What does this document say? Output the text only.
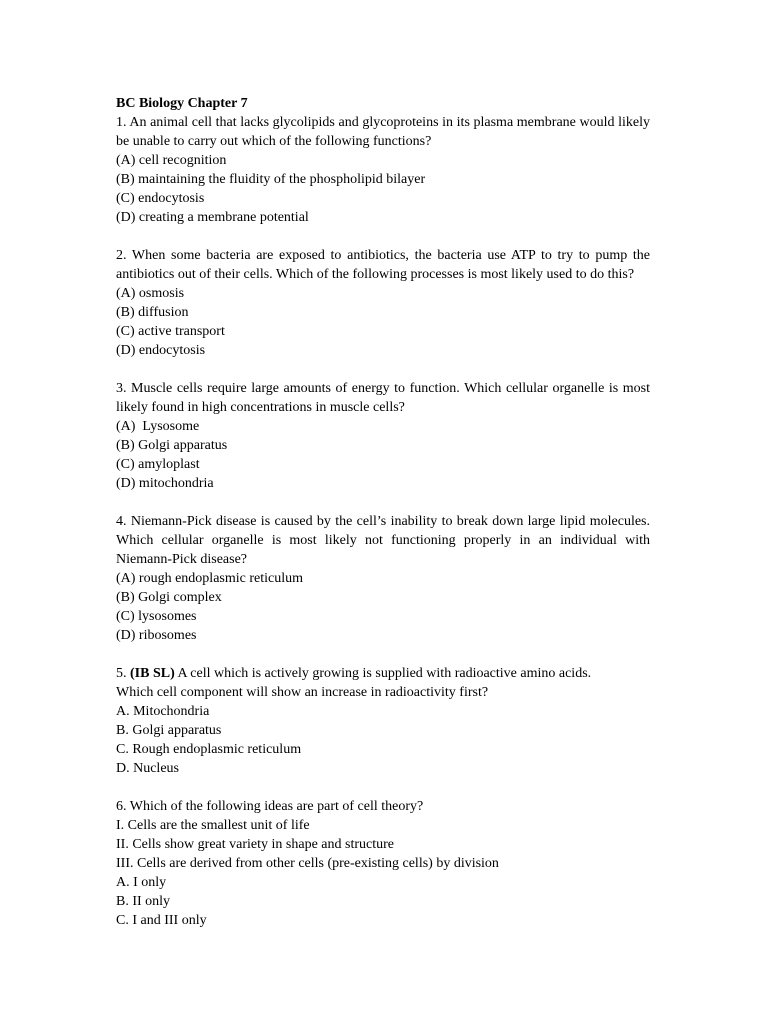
BC Biology Chapter 7

1. An animal cell that lacks glycolipids and glycoproteins in its plasma membrane would likely be unable to carry out which of the following functions?

(A) cell recognition

(B) maintaining the fluidity of the phospholipid bilayer

(C) endocytosis

(D) creating a membrane potential

2. When some bacteria are exposed to antibiotics, the bacteria use ATP to try to pump the antibiotics out of their cells. Which of the following processes is most likely used to do this?

(A) osmosis

(B) diffusion

(C) active transport

(D) endocytosis

3. Muscle cells require large amounts of energy to function. Which cellular organelle is most likely found in high concentrations in muscle cells?

(A)  Lysosome

(B) Golgi apparatus

(C) amyloplast

(D) mitochondria

4. Niemann-Pick disease is caused by the cell’s inability to break down large lipid molecules. Which cellular organelle is most likely not functioning properly in an individual with Niemann-Pick disease?

(A) rough endoplasmic reticulum

(B) Golgi complex

(C) lysosomes

(D) ribosomes

5. (IB SL) A cell which is actively growing is supplied with radioactive amino acids.

Which cell component will show an increase in radioactivity first?

A. Mitochondria

B. Golgi apparatus

C. Rough endoplasmic reticulum

D. Nucleus

6. Which of the following ideas are part of cell theory?

I. Cells are the smallest unit of life

II. Cells show great variety in shape and structure

III. Cells are derived from other cells (pre-existing cells) by division

A. I only

B. II only

C. I and III only
